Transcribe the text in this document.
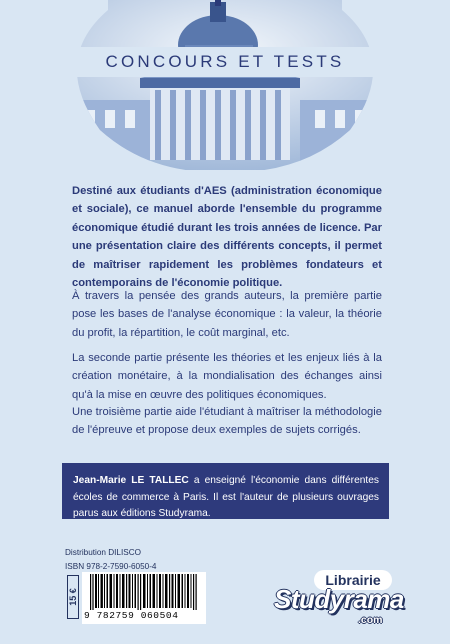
CONCOURS ET TESTS

Destiné aux étudiants d'AES (administration économique et sociale), ce manuel aborde l'ensemble du programme économique étudié durant les trois années de licence. Par une présentation claire des différents concepts, il permet de maîtriser rapidement les problèmes fondateurs et contemporains de l'économie politique.

À travers la pensée des grands auteurs, la première partie pose les bases de l'analyse économique : la valeur, la théorie du profit, la répartition, le coût marginal, etc.

La seconde partie présente les théories et les enjeux liés à la création monétaire, à la mondialisation des échanges ainsi qu'à la mise en œuvre des politiques économiques.

Une troisième partie aide l'étudiant à maîtriser la méthodologie de l'épreuve et propose deux exemples de sujets corrigés.

Jean-Marie LE TALLEC a enseigné l'économie dans différentes écoles de commerce à Paris. Il est l'auteur de plusieurs ouvrages parus aux éditions Studyrama.
Distribution DILISCO
ISBN 978-2-7590-6050-4
15 €
9 782759 060504
Librairie
Studyrama
.com
